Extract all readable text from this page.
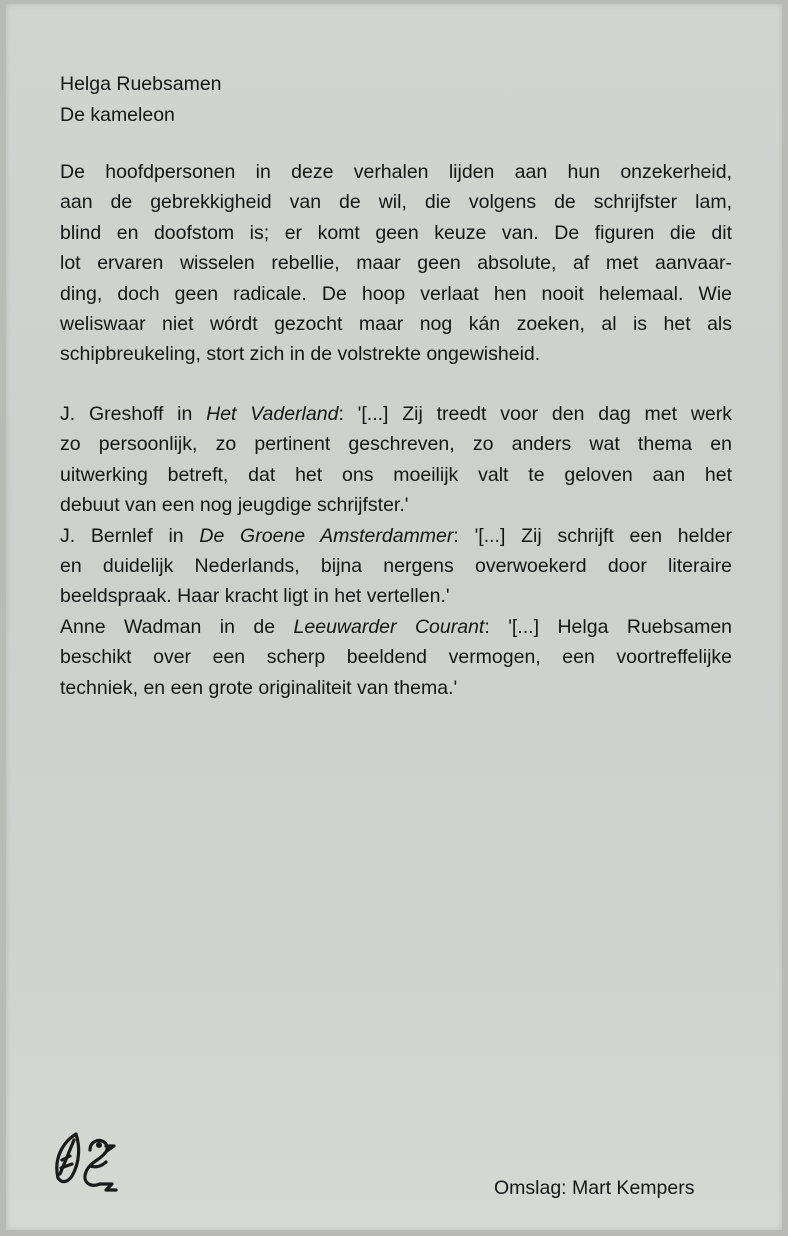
Helga Ruebsamen
De kameleon
De hoofdpersonen in deze verhalen lijden aan hun onzekerheid,
aan de gebrekkigheid van de wil, die volgens de schrijfster lam,
blind en doofstom is; er komt geen keuze van. De figuren die dit
lot ervaren wisselen rebellie, maar geen absolute, af met aanvaar-
ding, doch geen radicale. De hoop verlaat hen nooit helemaal. Wie
weliswaar niet wórdt gezocht maar nog kán zoeken, al is het als
schipbreukeling, stort zich in de volstrekte ongewisheid.
J. Greshoff in Het Vaderland: '[...] Zij treedt voor den dag met werk
zo persoonlijk, zo pertinent geschreven, zo anders wat thema en
uitwerking betreft, dat het ons moeilijk valt te geloven aan het
debuut van een nog jeugdige schrijfster.'
J. Bernlef in De Groene Amsterdammer: '[...] Zij schrijft een helder
en duidelijk Nederlands, bijna nergens overwoekerd door literaire
beeldspraak. Haar kracht ligt in het vertellen.'
Anne Wadman in de Leeuwarder Courant: '[...] Helga Ruebsamen
beschikt over een scherp beeldend vermogen, een voortreffelijke
techniek, en een grote originaliteit van thema.'
Omslag: Mart Kempers
